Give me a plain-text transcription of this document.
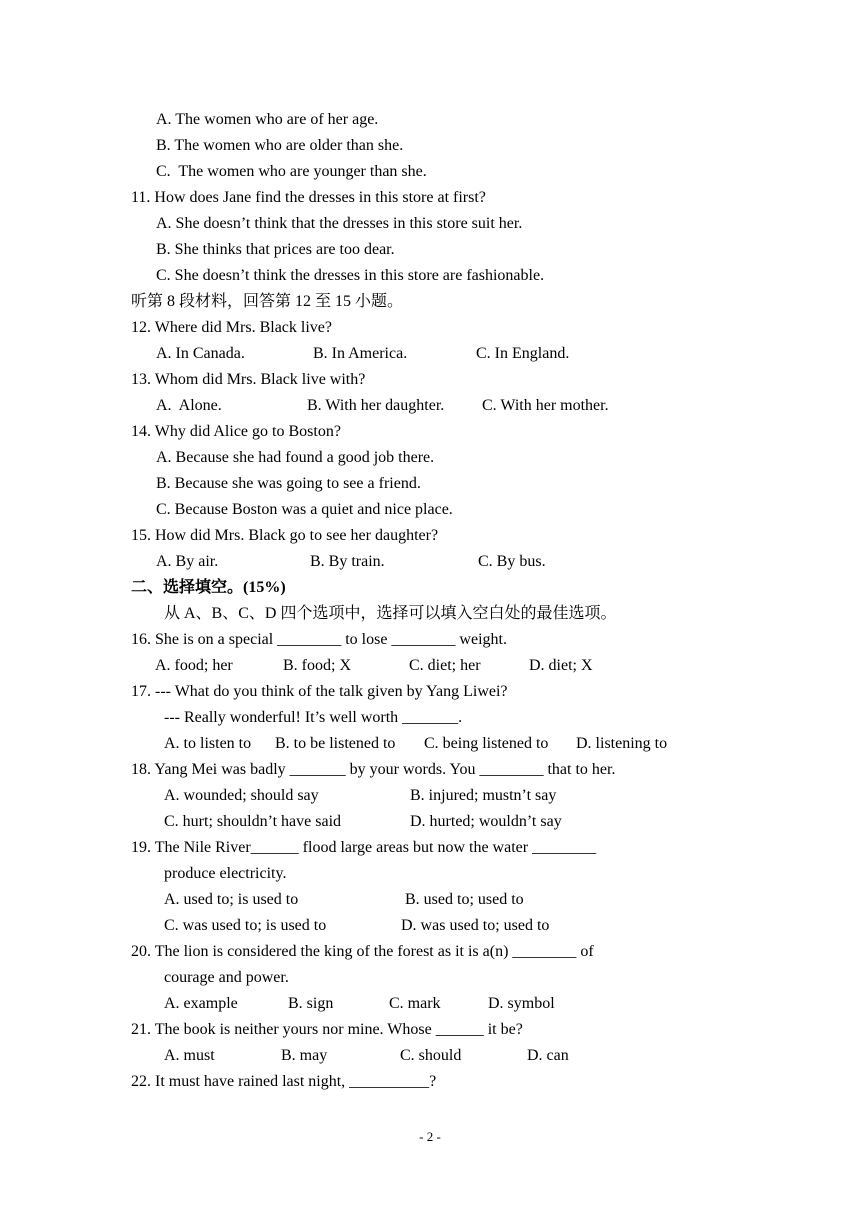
A. The women who are of her age.
B. The women who are older than she.
C.  The women who are younger than she.
11. How does Jane find the dresses in this store at first?
A. She doesn’t think that the dresses in this store suit her.
B. She thinks that prices are too dear.
C. She doesn’t think the dresses in this store are fashionable.
听第 8 段材料，回答第 12 至 15 小题。
12. Where did Mrs. Black live?
A. In Canada.	B. In America.	C. In England.
13. Whom did Mrs. Black live with?
A.  Alone.	B. With her daughter. C. With her mother.
14. Why did Alice go to Boston?
A. Because she had found a good job there.
B. Because she was going to see a friend.
C. Because Boston was a quiet and nice place.
15. How did Mrs. Black go to see her daughter?
A. By air.	B. By train.	C. By bus.
二、选择填空。(15%)
从 A、B、C、D 四个选项中，选择可以填入空白处的最佳选项。
16. She is on a special ________ to lose ________ weight.
A. food; her	B. food; X	C. diet; her	D. diet; X
17. --- What do you think of the talk given by Yang Liwei?
--- Really wonderful! It’s well worth _______.
A. to listen to B. to be listened to C. being listened to D. listening to
18. Yang Mei was badly _______ by your words. You ________ that to her.
A. wounded; should say	B. injured; mustn’t say
C. hurt; shouldn’t have said	D. hurted; wouldn’t say
19. The Nile River______ flood large areas but now the water ________
produce electricity.
A. used to; is used to	B. used to; used to
C. was used to; is used to	D. was used to; used to
20. The lion is considered the king of the forest as it is a(n) ________ of
courage and power.
A. example	B. sign	C. mark	D. symbol
21. The book is neither yours nor mine. Whose ______ it be?
A. must	B. may	C. should	D. can
22. It must have rained last night, __________?
- 2 -
